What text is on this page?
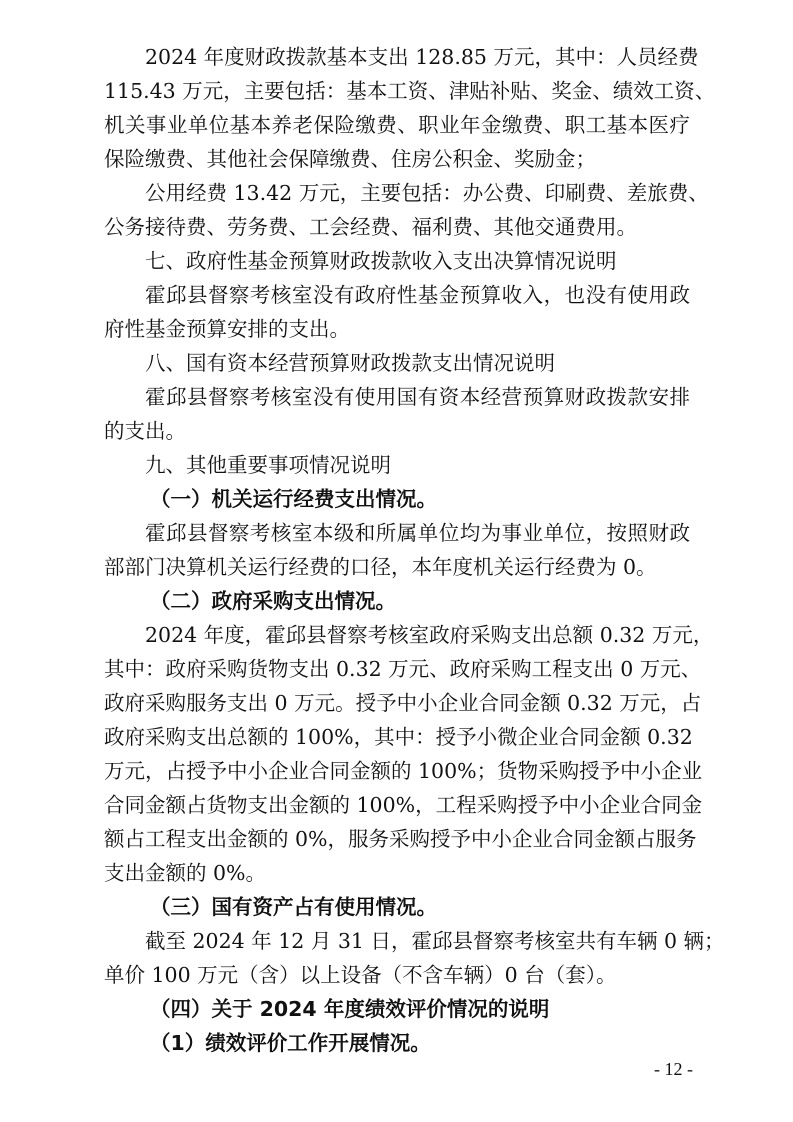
2024 年度财政拨款基本支出 128.85 万元，其中：人员经费
115.43 万元，主要包括：基本工资、津贴补贴、奖金、绩效工资、
机关事业单位基本养老保险缴费、职业年金缴费、职工基本医疗
保险缴费、其他社会保障缴费、住房公积金、奖励金；
公用经费 13.42 万元，主要包括：办公费、印刷费、差旅费、
公务接待费、劳务费、工会经费、福利费、其他交通费用。
七、政府性基金预算财政拨款收入支出决算情况说明
霍邱县督察考核室没有政府性基金预算收入，也没有使用政
府性基金预算安排的支出。
八、国有资本经营预算财政拨款支出情况说明
霍邱县督察考核室没有使用国有资本经营预算财政拨款安排
的支出。
九、其他重要事项情况说明
（一）机关运行经费支出情况。
霍邱县督察考核室本级和所属单位均为事业单位，按照财政
部部门决算机关运行经费的口径，本年度机关运行经费为 0。
（二）政府采购支出情况。
2024 年度，霍邱县督察考核室政府采购支出总额 0.32 万元，
其中：政府采购货物支出 0.32 万元、政府采购工程支出 0 万元、
政府采购服务支出 0 万元。授予中小企业合同金额 0.32 万元，占
政府采购支出总额的 100%，其中：授予小微企业合同金额 0.32
万元，占授予中小企业合同金额的 100%；货物采购授予中小企业
合同金额占货物支出金额的 100%，工程采购授予中小企业合同金
额占工程支出金额的 0%，服务采购授予中小企业合同金额占服务
支出金额的 0%。
（三）国有资产占有使用情况。
截至 2024 年 12 月 31 日，霍邱县督察考核室共有车辆 0 辆；
单价 100 万元（含）以上设备（不含车辆）0 台（套）。
（四）关于 2024 年度绩效评价情况的说明
（1）绩效评价工作开展情况。
- 12 -
